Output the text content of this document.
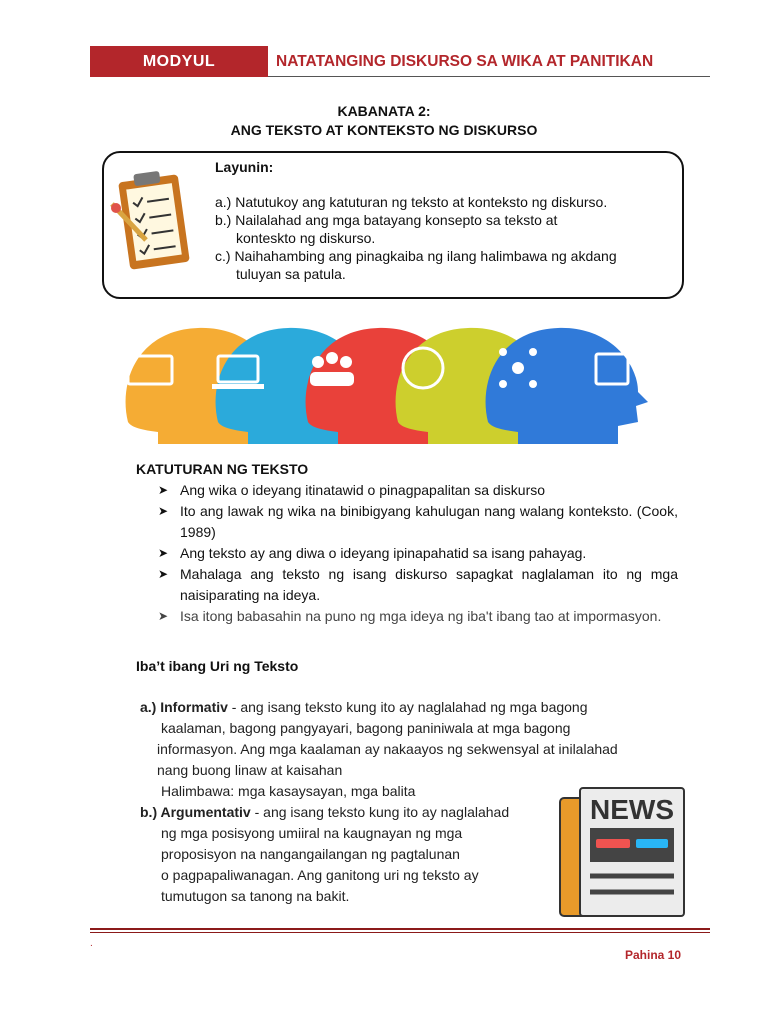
MODYUL	NATATANGING DISKURSO SA WIKA AT PANITIKAN
KABANATA 2:
ANG TEKSTO AT KONTEKSTO NG DISKURSO
Layunin:
a.) Natutukoy ang katuturan ng teksto at konteksto ng diskurso.
b.) Nailalahad ang mga batayang konsepto sa teksto at
konteskto ng diskurso.
c.) Naihahambing ang pinagkaiba ng ilang halimbawa ng akdang
tuluyan sa patula.
KATUTURAN NG TEKSTO
➤ Ang wika o ideyang itinatawid o pinagpapalitan sa diskurso
➤ Ito ang lawak ng wika na binibigyang kahulugan nang walang konteksto. (Cook, 1989)
➤ Ang teksto ay ang diwa o ideyang ipinapahatid sa isang pahayag.
➤ Mahalaga ang teksto ng isang diskurso sapagkat naglalaman ito ng mga naisiparating na ideya.
➤ Isa itong babasahin na puno ng mga ideya ng iba't ibang tao at impormasyon.
Iba’t ibang Uri ng Teksto
a.) Informativ - ang isang teksto kung ito ay naglalahad ng mga bagong
kaalaman, bagong pangyayari, bagong paniniwala at mga bagong
informasyon. Ang mga kaalaman ay nakaayos ng sekwensyal at inilalahad
nang buong linaw at kaisahan
Halimbawa: mga kasaysayan, mga balita
b.) Argumentativ - ang isang teksto kung ito ay naglalahad
ng mga posisyong umiiral na kaugnayan ng mga
proposisyon na nangangailangan ng pagtalunan
o pagpapaliwanagan. Ang ganitong uri ng teksto ay
tumutugon sa tanong na bakit.
NEWS
.
Pahina 10
